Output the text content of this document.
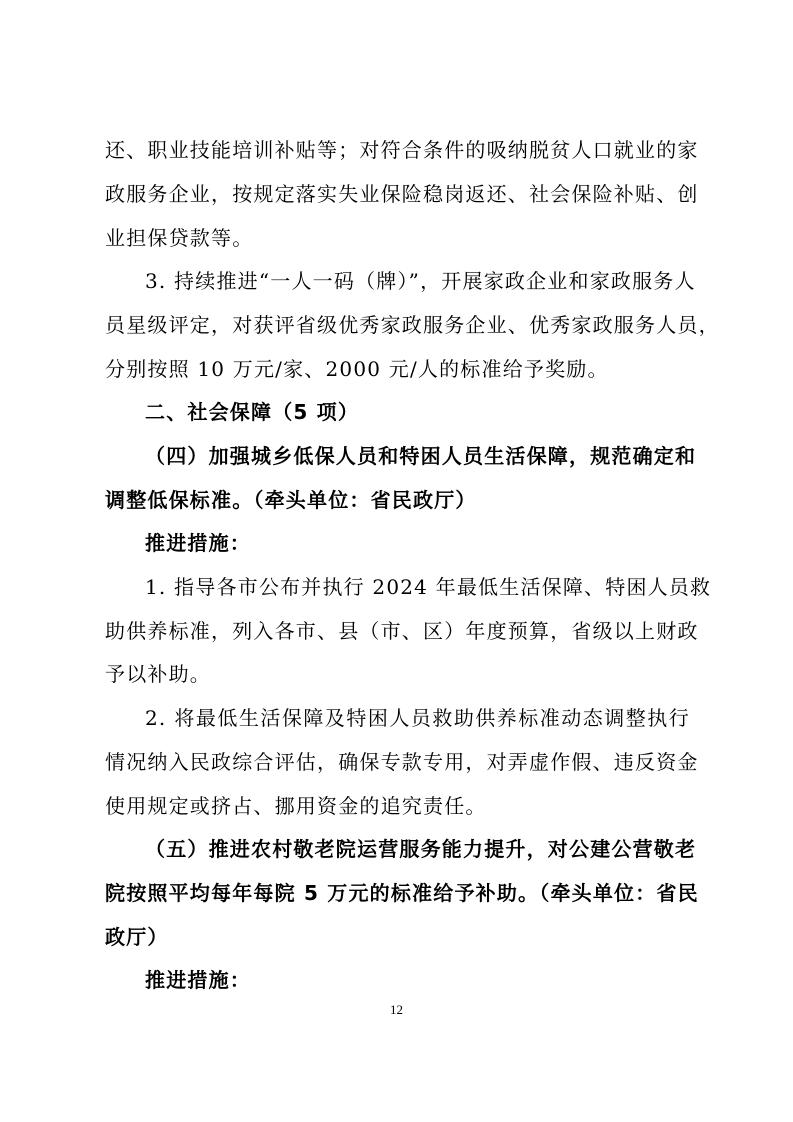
还、职业技能培训补贴等；对符合条件的吸纳脱贫人口就业的家
政服务企业，按规定落实失业保险稳岗返还、社会保险补贴、创
业担保贷款等。
3. 持续推进“一人一码（牌）”，开展家政企业和家政服务人
员星级评定，对获评省级优秀家政服务企业、优秀家政服务人员，
分别按照 10 万元/家、2000 元/人的标准给予奖励。
二、社会保障（5 项）
（四）加强城乡低保人员和特困人员生活保障，规范确定和
调整低保标准。（牵头单位：省民政厅）
推进措施：
1. 指导各市公布并执行 2024 年最低生活保障、特困人员救
助供养标准，列入各市、县（市、区）年度预算，省级以上财政
予以补助。
2. 将最低生活保障及特困人员救助供养标准动态调整执行
情况纳入民政综合评估，确保专款专用，对弄虚作假、违反资金
使用规定或挤占、挪用资金的追究责任。
（五）推进农村敬老院运营服务能力提升，对公建公营敬老
院按照平均每年每院 5 万元的标准给予补助。（牵头单位：省民
政厅）
推进措施：
12
